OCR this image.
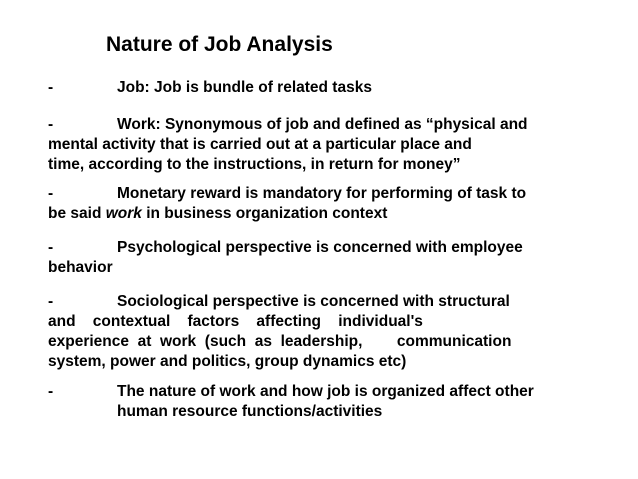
Nature of Job Analysis
-	Job: Job is bundle of related tasks
-	Work: Synonymous of job and defined as “physical and
mental activity that is carried out at a particular place and
time, according to the instructions, in return for money”
-	Monetary reward is mandatory for performing of task to
be said work in business organization context
-	Psychological perspective is concerned with employee
behavior
-	Sociological perspective is concerned with structural
and    contextual    factors    affecting    individual's
experience  at  work  (such  as  leadership,        communication
system, power and politics, group dynamics etc)
-	The nature of work and how job is organized affect other
human resource functions/activities
